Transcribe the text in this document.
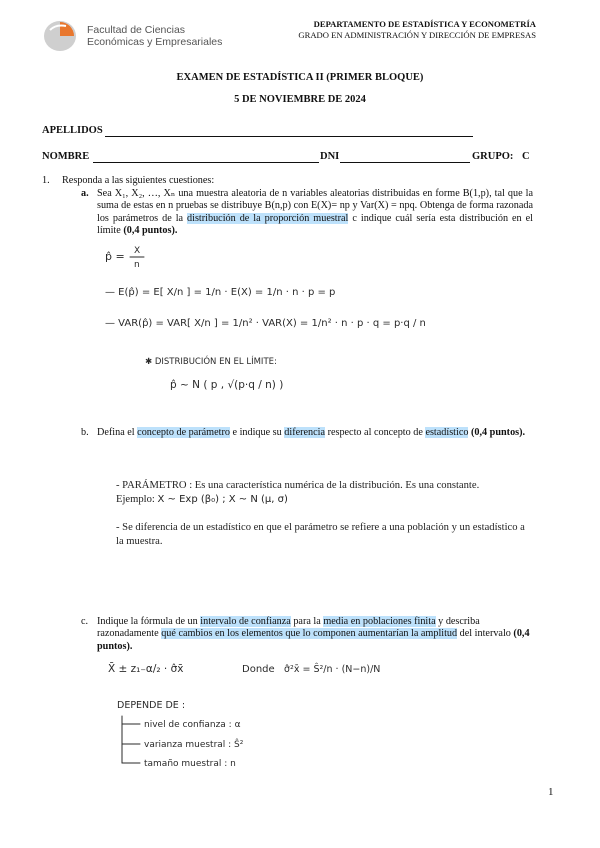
Facultad de Ciencias
Económicas y Empresariales
DEPARTAMENTO DE ESTADÍSTICA Y ECONOMETRÍA
GRADO EN ADMINISTRACIÓN Y DIRECCIÓN DE EMPRESAS
EXAMEN DE ESTADÍSTICA II (PRIMER BLOQUE)
5 DE NOVIEMBRE DE 2024
APELLIDOS
NOMBRE	DNI	GRUPO: C
1. Responda a las siguientes cuestiones:
a. Sea X₁, X₂, …, Xₙ una muestra aleatoria de n variables aleatorias distribuidas en forme B(1,p), tal que la suma de estas en n pruebas se distribuye B(n,p) con E(X)= np y Var(X) = npq. Obtenga de forma razonada los parámetros de la distribución de la proporción muestral c indique cuál sería esta distribución en el límite (0,4 puntos).
p̂ = X
n
— E(p̂) = E[ X/n ] = 1/n · E(X) = 1/n · n · p = p
— VAR(p̂) = VAR[ X/n ] = 1/n² · VAR(X) = 1/n² · n · p · q = p·q / n
✱ DISTRIBUCIÓN EN EL LÍMITE:
p̂ ~ N ( p , √(p·q / n) )
b. Defina el concepto de parámetro e indique su diferencia respecto al concepto de estadístico (0,4 puntos).
- PARÁMETRO : Es una característica numérica de la distribución. Es una constante.
Ejemplo: X ~ Exp (β₀) ; X ~ N (μ, σ)
- Se diferencia de un estadístico en que el parámetro se refiere a una población y un estadístico a la muestra.
c. Indique la fórmula de un intervalo de confianza para la media en poblaciones finita y describa razonadamente qué cambios en los elementos que lo componen aumentarían la amplitud del intervalo (0,4 puntos).
X̄ ± z₁₋α/₂ · σ̂x̄	Donde σ̂²x̄ = Ŝ²/n · (N−n)/N
DEPENDE DE :
nivel de confianza : α
varianza muestral : Ŝ²
tamaño muestral : n
1
